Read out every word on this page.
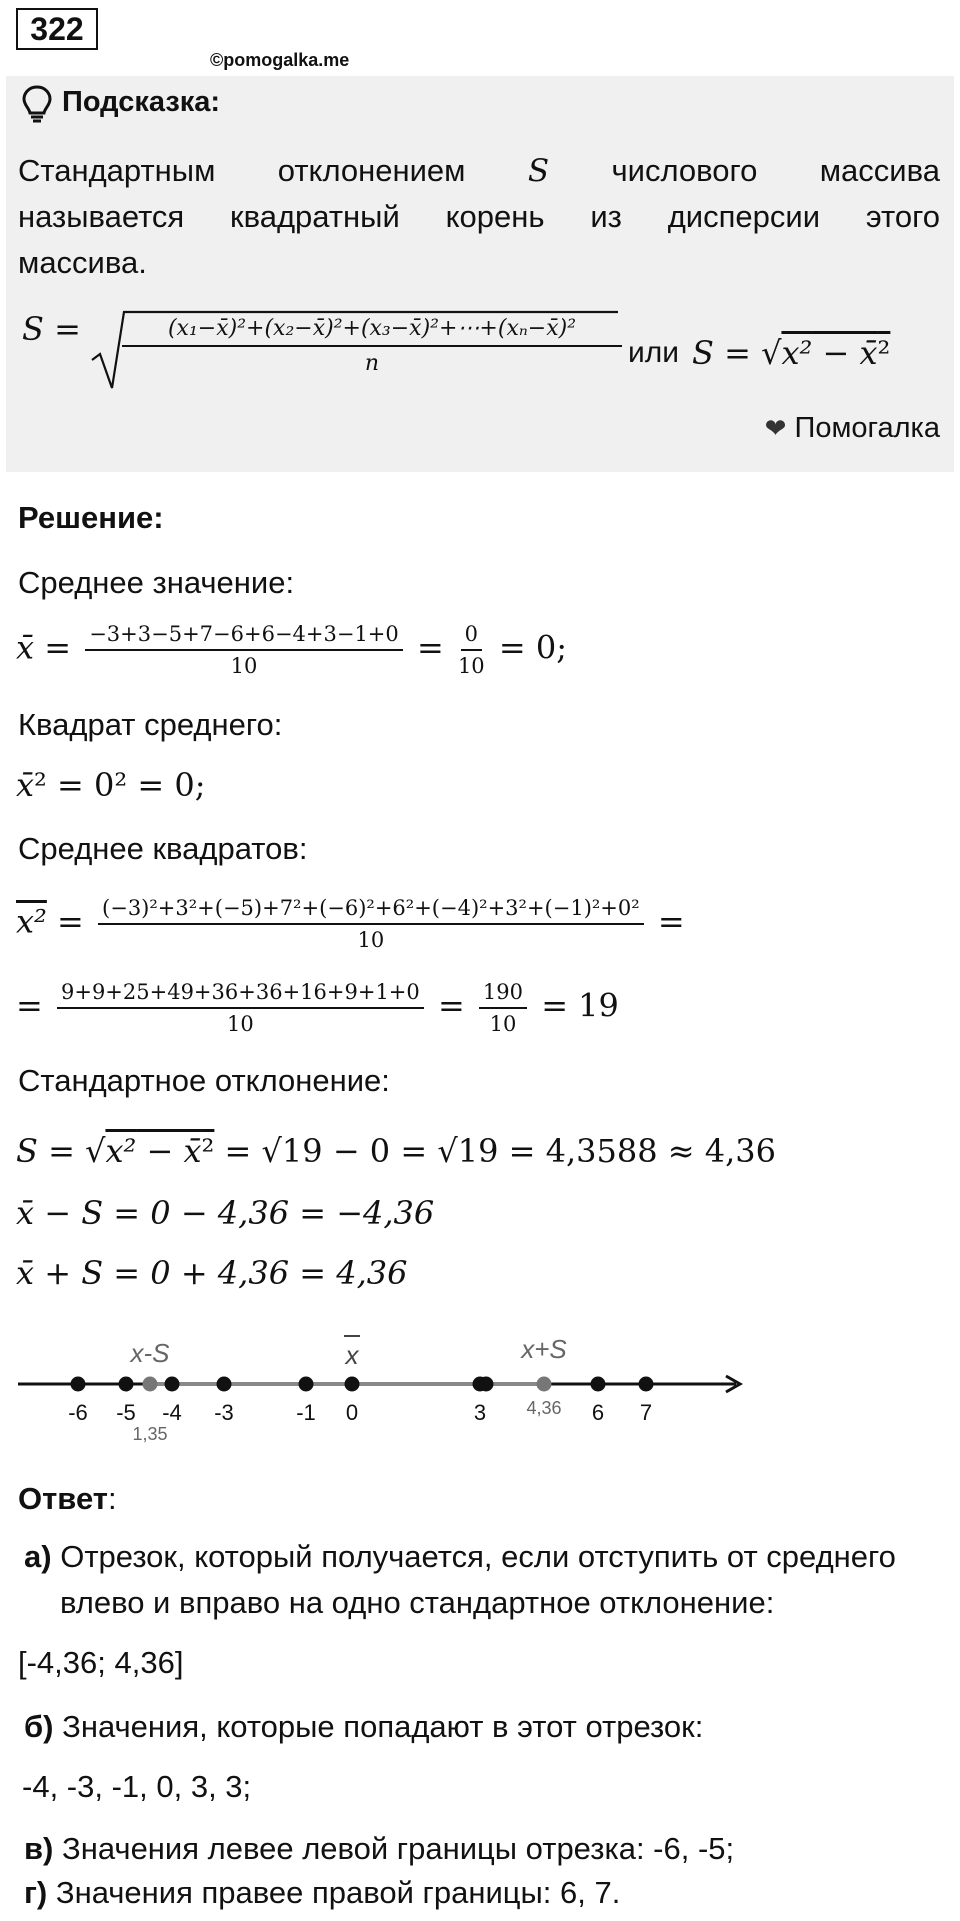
322
©pomogalka.me
Подсказка:
Стандартным отклонением S числового массива
называется квадратный корень из дисперсии этого
массива.
$S = \frac{\text{(x₁−x̄)²+(x₂−x̄)²+(x₃−x̄)²+⋯+(xₙ−x̄)²}}{n}$ или S = √x² − x̄²
❤ Помогалка
Решение:
Среднее значение:
x̄ = $\frac{-3+3-5+7-6+6-4+3-1+0}{10} = \frac{0}{10} = 0$;
Квадрат среднего:
x̄² = 0² = 0;
Среднее квадратов:
$x^2 = \frac{\text{(−3)²+3²+(−5)+7²+(−6)²+6²+(−4)²+3²+(−1)²+0²}}{10}$ =
= $\frac{9+9+25+49+36+36+16+9+1+0}{10} = \frac{190}{10} = 19$
Стандартное отклонение:
S = √x² − x̄² = √19 − 0 = √19 = 4,3588 ≈ 4,36
x̄ − S = 0 − 4,36 = −4,36
x̄ + S = 0 + 4,36 = 4,36
-6 -5 -4 -3	-1 0	3	6 7
x-S
1,35
x+S
4,36
x
Ответ:
а) Отрезок, который получается, если отступить от среднего
влево и вправо на одно стандартное отклонение:
[-4,36; 4,36]
б) Значения, которые попадают в этот отрезок:
-4, -3, -1, 0, 3, 3;
в) Значения левее левой границы отрезка: -6, -5;
г) Значения правее правой границы: 6, 7.
